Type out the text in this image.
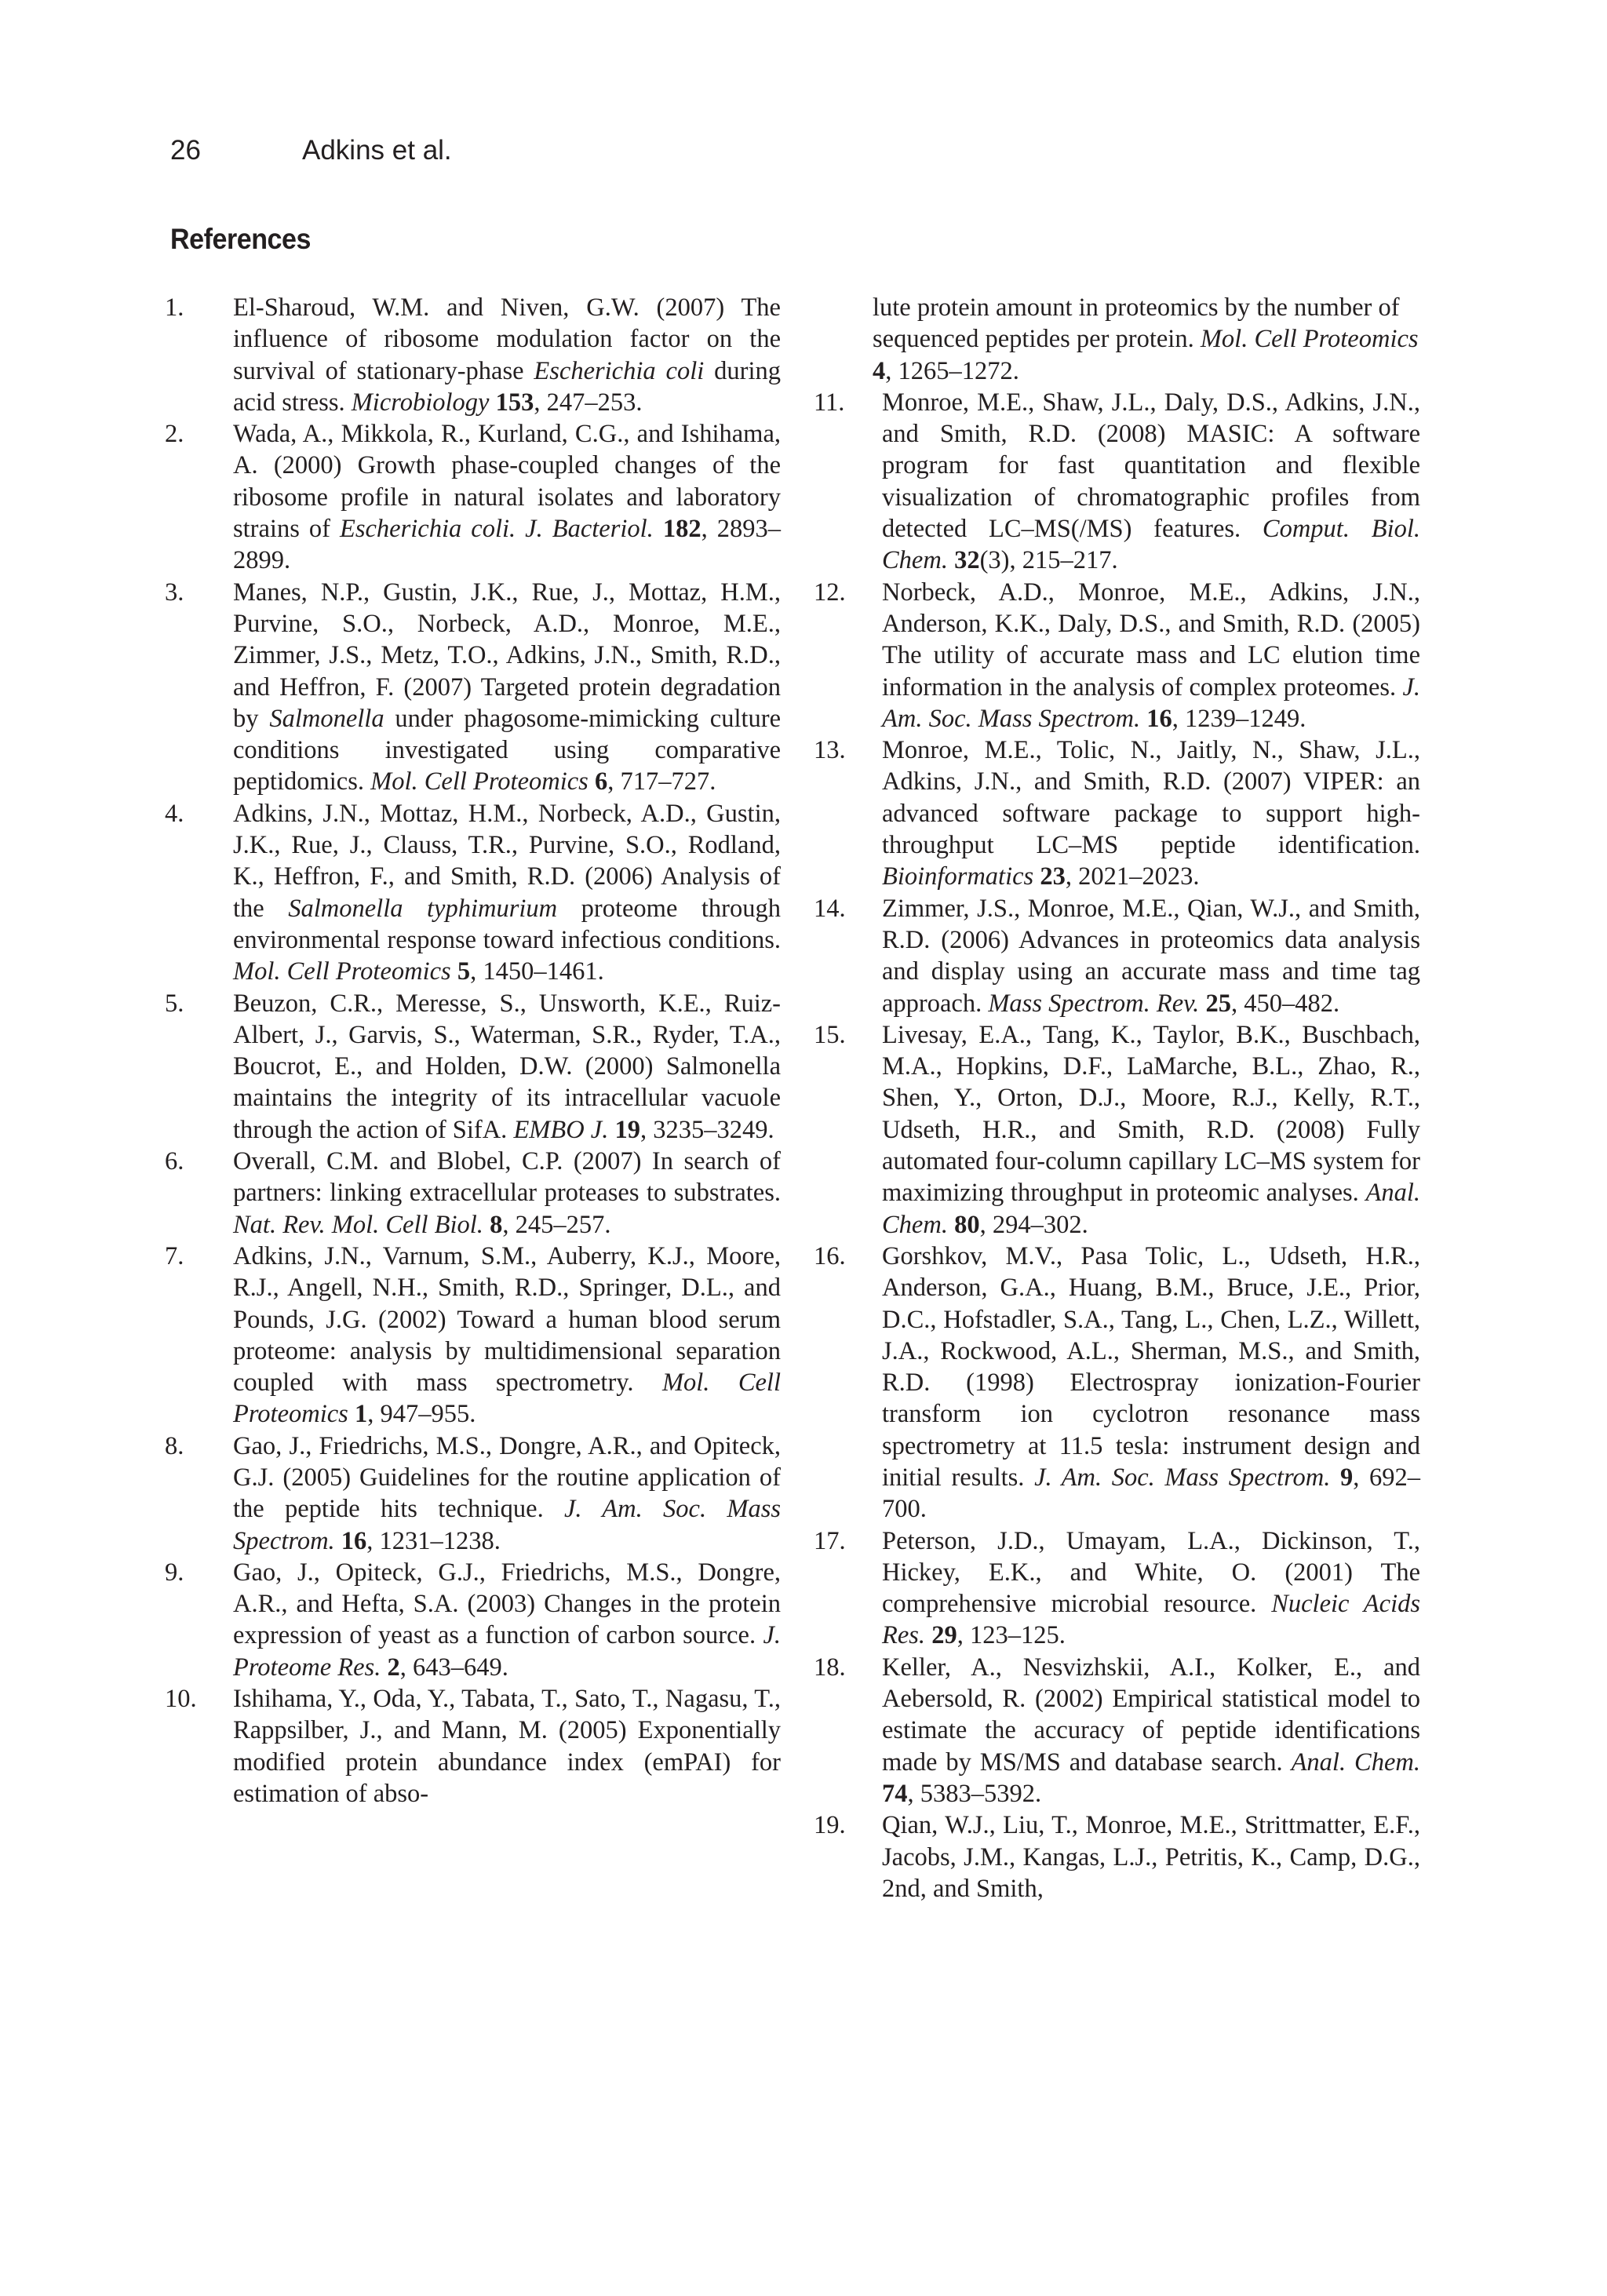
26	Adkins et al.
References
1.	El-Sharoud, W.M. and Niven, G.W. (2007) The influence of ribosome modulation factor on the survival of stationary-phase Escherichia coli during acid stress. Microbiology 153, 247–253.
2.	Wada, A., Mikkola, R., Kurland, C.G., and Ishihama, A. (2000) Growth phase-coupled changes of the ribosome profile in natural isolates and laboratory strains of Escherichia coli. J. Bacteriol. 182, 2893–2899.
3.	Manes, N.P., Gustin, J.K., Rue, J., Mottaz, H.M., Purvine, S.O., Norbeck, A.D., Monroe, M.E., Zimmer, J.S., Metz, T.O., Adkins, J.N., Smith, R.D., and Heffron, F. (2007) Targeted protein degradation by Salmonella under phagosome-mimicking culture conditions investigated using comparative peptidomics. Mol. Cell Proteomics 6, 717–727.
4.	Adkins, J.N., Mottaz, H.M., Norbeck, A.D., Gustin, J.K., Rue, J., Clauss, T.R., Purvine, S.O., Rodland, K., Heffron, F., and Smith, R.D. (2006) Analysis of the Salmonella typhimurium proteome through environmental response toward infectious conditions. Mol. Cell Proteomics 5, 1450–1461.
5.	Beuzon, C.R., Meresse, S., Unsworth, K.E., Ruiz-Albert, J., Garvis, S., Waterman, S.R., Ryder, T.A., Boucrot, E., and Holden, D.W. (2000) Salmonella maintains the integrity of its intracellular vacuole through the action of SifA. EMBO J. 19, 3235–3249.
6.	Overall, C.M. and Blobel, C.P. (2007) In search of partners: linking extracellular proteases to substrates. Nat. Rev. Mol. Cell Biol. 8, 245–257.
7.	Adkins, J.N., Varnum, S.M., Auberry, K.J., Moore, R.J., Angell, N.H., Smith, R.D., Springer, D.L., and Pounds, J.G. (2002) Toward a human blood serum proteome: analysis by multidimensional separation coupled with mass spectrometry. Mol. Cell Proteomics 1, 947–955.
8.	Gao, J., Friedrichs, M.S., Dongre, A.R., and Opiteck, G.J. (2005) Guidelines for the routine application of the peptide hits technique. J. Am. Soc. Mass Spectrom. 16, 1231–1238.
9.	Gao, J., Opiteck, G.J., Friedrichs, M.S., Dongre, A.R., and Hefta, S.A. (2003) Changes in the protein expression of yeast as a function of carbon source. J. Proteome Res. 2, 643–649.
10.	Ishihama, Y., Oda, Y., Tabata, T., Sato, T., Nagasu, T., Rappsilber, J., and Mann, M. (2005) Exponentially modified protein abundance index (emPAI) for estimation of abso-
lute protein amount in proteomics by the number of sequenced peptides per protein. Mol. Cell Proteomics 4, 1265–1272.
11.	Monroe, M.E., Shaw, J.L., Daly, D.S., Adkins, J.N., and Smith, R.D. (2008) MASIC: A software program for fast quantitation and flexible visualization of chromatographic profiles from detected LC–MS(/MS) features. Comput. Biol. Chem. 32(3), 215–217.
12.	Norbeck, A.D., Monroe, M.E., Adkins, J.N., Anderson, K.K., Daly, D.S., and Smith, R.D. (2005) The utility of accurate mass and LC elution time information in the analysis of complex proteomes. J. Am. Soc. Mass Spectrom. 16, 1239–1249.
13.	Monroe, M.E., Tolic, N., Jaitly, N., Shaw, J.L., Adkins, J.N., and Smith, R.D. (2007) VIPER: an advanced software package to support high-throughput LC–MS peptide identification. Bioinformatics 23, 2021–2023.
14.	Zimmer, J.S., Monroe, M.E., Qian, W.J., and Smith, R.D. (2006) Advances in proteomics data analysis and display using an accurate mass and time tag approach. Mass Spectrom. Rev. 25, 450–482.
15.	Livesay, E.A., Tang, K., Taylor, B.K., Buschbach, M.A., Hopkins, D.F., LaMarche, B.L., Zhao, R., Shen, Y., Orton, D.J., Moore, R.J., Kelly, R.T., Udseth, H.R., and Smith, R.D. (2008) Fully automated four-column capillary LC–MS system for maximizing throughput in proteomic analyses. Anal. Chem. 80, 294–302.
16.	Gorshkov, M.V., Pasa Tolic, L., Udseth, H.R., Anderson, G.A., Huang, B.M., Bruce, J.E., Prior, D.C., Hofstadler, S.A., Tang, L., Chen, L.Z., Willett, J.A., Rockwood, A.L., Sherman, M.S., and Smith, R.D. (1998) Electrospray ionization-Fourier transform ion cyclotron resonance mass spectrometry at 11.5 tesla: instrument design and initial results. J. Am. Soc. Mass Spectrom. 9, 692–700.
17.	Peterson, J.D., Umayam, L.A., Dickinson, T., Hickey, E.K., and White, O. (2001) The comprehensive microbial resource. Nucleic Acids Res. 29, 123–125.
18.	Keller, A., Nesvizhskii, A.I., Kolker, E., and Aebersold, R. (2002) Empirical statistical model to estimate the accuracy of peptide identifications made by MS/MS and database search. Anal. Chem. 74, 5383–5392.
19.	Qian, W.J., Liu, T., Monroe, M.E., Strittmatter, E.F., Jacobs, J.M., Kangas, L.J., Petritis, K., Camp, D.G., 2nd, and Smith,
